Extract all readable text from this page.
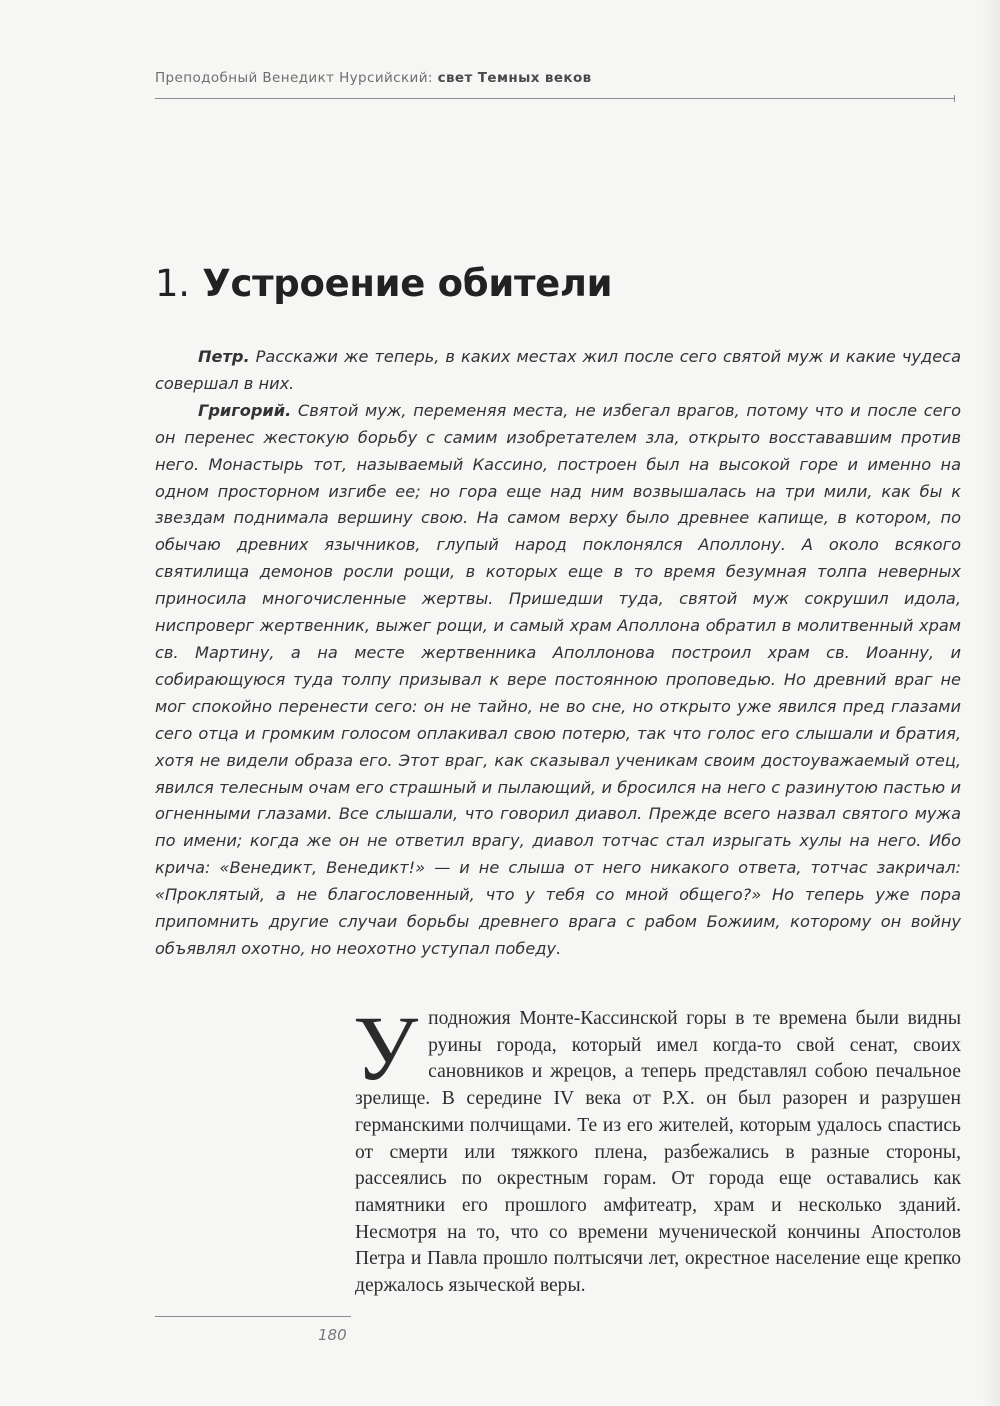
Преподобный Венедикт Нурсийский: свет Темных веков
1. Устроение обители

Петр. Расскажи же теперь, в каких местах жил после сего святой муж и какие чудеса совершал в них.

Григорий. Святой муж, переменяя места, не избегал врагов, потому что и после сего он перенес жестокую борьбу с самим изобретателем зла, открыто восстававшим против него. Монастырь тот, называемый Кассино, построен был на высокой горе и именно на одном просторном изгибе ее; но гора еще над ним возвышалась на три мили, как бы к звездам поднимала вершину свою. На самом верху было древнее капище, в котором, по обычаю древних язычников, глупый народ поклонялся Аполлону. А около всякого святилища демонов росли рощи, в которых еще в то время безумная толпа неверных приносила многочисленные жертвы. Пришедши туда, святой муж сокрушил идола, ниспроверг жертвенник, выжег рощи, и самый храм Аполлона обратил в молитвенный храм св. Мартину, а на месте жертвенника Аполлонова построил храм св. Иоанну, и собирающуюся туда толпу призывал к вере постоянною проповедью. Но древний враг не мог спокойно перенести сего: он не тайно, не во сне, но открыто уже явился пред глазами сего отца и громким голосом оплакивал свою потерю, так что голос его слышали и братия, хотя не видели образа его. Этот враг, как сказывал ученикам своим достоуважаемый отец, явился телесным очам его страшный и пылающий, и бросился на него с разинутою пастью и огненными глазами. Все слышали, что говорил диавол. Прежде всего назвал святого мужа по имени; когда же он не ответил врагу, диавол тотчас стал изрыгать хулы на него. Ибо крича: «Венедикт, Венедикт!» — и не слыша от него никакого ответа, тотчас закричал: «Проклятый, а не благословенный, что у тебя со мной общего?» Но теперь уже пора припомнить другие случаи борьбы древнего врага с рабом Божиим, которому он войну объявлял охотно, но неохотно уступал победу.

Уподножия Монте-Кассинской горы в те времена были видны руины города, который имел когда-то свой сенат, своих сановников и жрецов, а теперь представлял собою печальное зрелище. В середине IV века от Р.Х. он был разорен и разрушен германскими полчищами. Те из его жителей, которым удалось спастись от смерти или тяжкого плена, разбежались в разные стороны, рассеялись по окрестным горам. От города еще оставались как памятники его прошлого амфитеатр, храм и несколько зданий. Несмотря на то, что со времени мученической кончины Апостолов Петра и Павла прошло полтысячи лет, окрестное население еще крепко держалось языческой веры.

180
